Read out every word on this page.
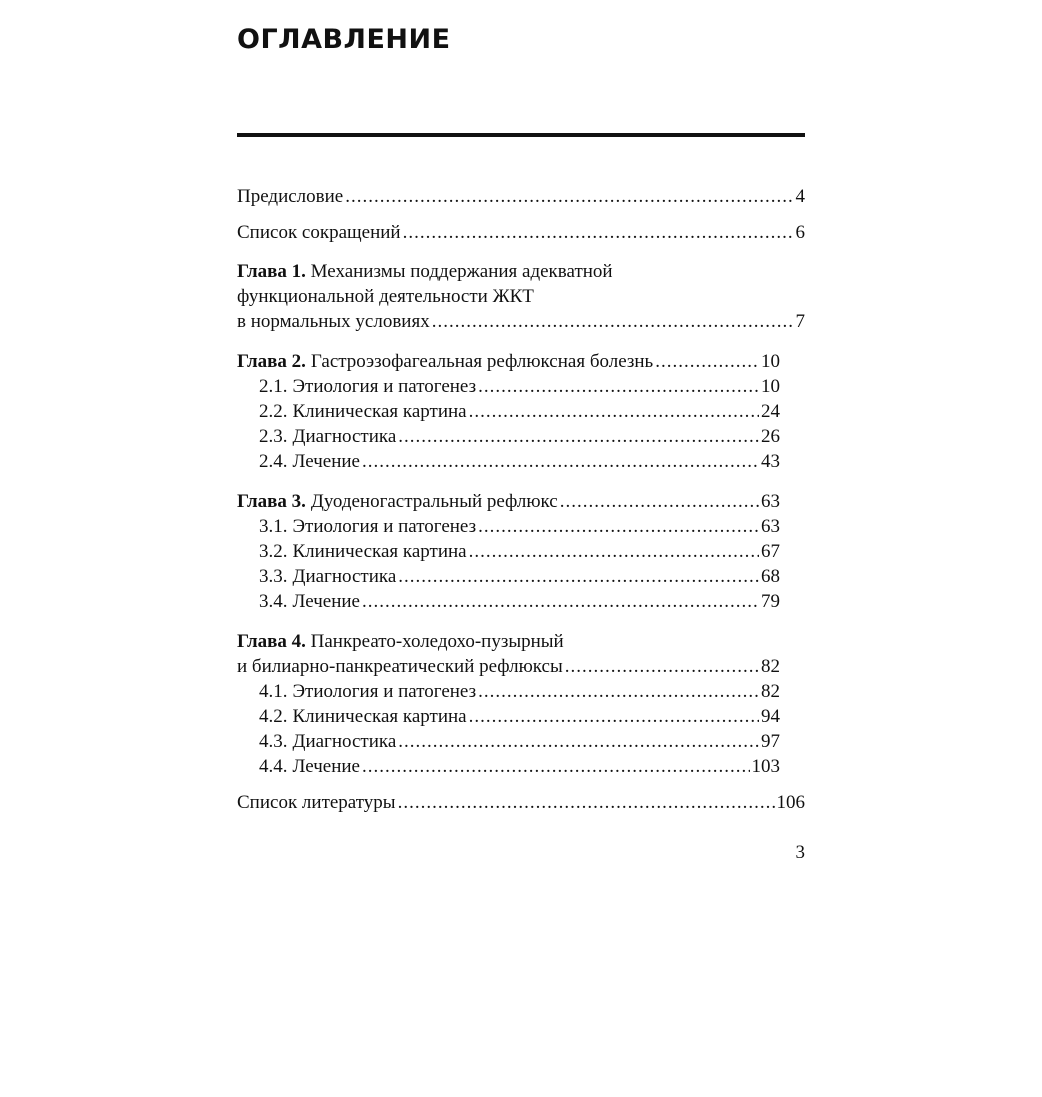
ОГЛАВЛЕНИЕ
Предисловие .....	4
Список сокращений .....	6
Глава 1. Механизмы поддержания адекватной
функциональной деятельности ЖКТ
в нормальных условиях .....	7
Глава 2. Гастроэзофагеальная рефлюксная болезнь .....	10
2.1. Этиология и патогенез .....	10
2.2. Клиническая картина .....	24
2.3. Диагностика .....	26
2.4. Лечение .....	43
Глава 3. Дуоденогастральный рефлюкс .....	63
3.1. Этиология и патогенез .....	63
3.2. Клиническая картина .....	67
3.3. Диагностика .....	68
3.4. Лечение .....	79
Глава 4. Панкреато-холедохо-пузырный
и билиарно-панкреатический рефлюксы .....	82
4.1. Этиология и патогенез .....	82
4.2. Клиническая картина .....	94
4.3. Диагностика .....	97
4.4. Лечение .....	103
Список литературы .....	106
3
